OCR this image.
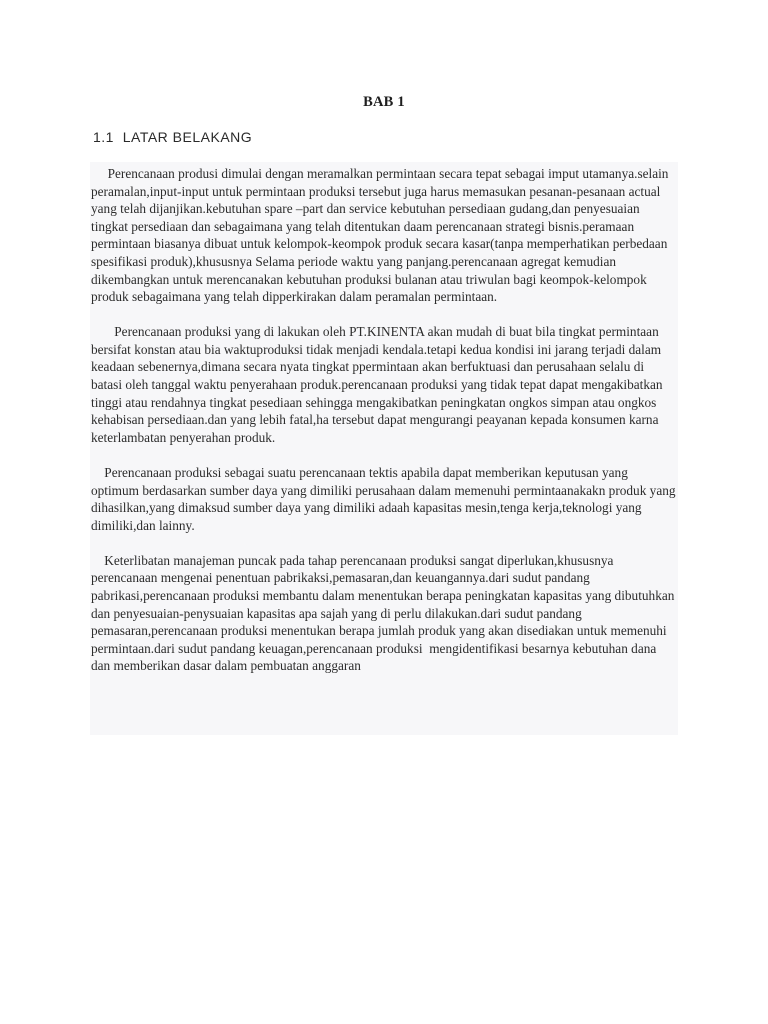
BAB 1
1.1  LATAR BELAKANG

Perencanaan produsi dimulai dengan meramalkan permintaan secara tepat sebagai imput utamanya.selain peramalan,input-input untuk permintaan produksi tersebut juga harus memasukan pesanan-pesanaan actual yang telah dijanjikan.kebutuhan spare –part dan service kebutuhan persediaan gudang,dan penyesuaian tingkat persediaan dan sebagaimana yang telah ditentukan daam perencanaan strategi bisnis.peramaan permintaan biasanya dibuat untuk kelompok-keompok produk secara kasar(tanpa memperhatikan perbedaan spesifikasi produk),khususnya Selama periode waktu yang panjang.perencanaan agregat kemudian dikembangkan untuk merencanakan kebutuhan produksi bulanan atau triwulan bagi keompok-kelompok produk sebagaimana yang telah dipperkirakan dalam peramalan permintaan.

Perencanaan produksi yang di lakukan oleh PT.KINENTA akan mudah di buat bila tingkat permintaan bersifat konstan atau bia waktuproduksi tidak menjadi kendala.tetapi kedua kondisi ini jarang terjadi dalam keadaan sebenernya,dimana secara nyata tingkat ppermintaan akan berfuktuasi dan perusahaan selalu di batasi oleh tanggal waktu penyerahaan produk.perencanaan produksi yang tidak tepat dapat mengakibatkan tinggi atau rendahnya tingkat pesediaan sehingga mengakibatkan peningkatan ongkos simpan atau ongkos kehabisan persediaan.dan yang lebih fatal,ha tersebut dapat mengurangi peayanan kepada konsumen karna keterlambatan penyerahan produk.

Perencanaan produksi sebagai suatu perencanaan tektis apabila dapat memberikan keputusan yang optimum berdasarkan sumber daya yang dimiliki perusahaan dalam memenuhi permintaanakakn produk yang dihasilkan,yang dimaksud sumber daya yang dimiliki adaah kapasitas mesin,tenga kerja,teknologi yang dimiliki,dan lainny.

Keterlibatan manajeman puncak pada tahap perencanaan produksi sangat diperlukan,khususnya perencanaan mengenai penentuan pabrikaksi,pemasaran,dan keuangannya.dari sudut pandang pabrikasi,perencanaan produksi membantu dalam menentukan berapa peningkatan kapasitas yang dibutuhkan dan penyesuaian-penysuaian kapasitas apa sajah yang di perlu dilakukan.dari sudut pandang pemasaran,perencanaan produksi menentukan berapa jumlah produk yang akan disediakan untuk memenuhi permintaan.dari sudut pandang keuagan,perencanaan produksi  mengidentifikasi besarnya kebutuhan dana dan memberikan dasar dalam pembuatan anggaran
